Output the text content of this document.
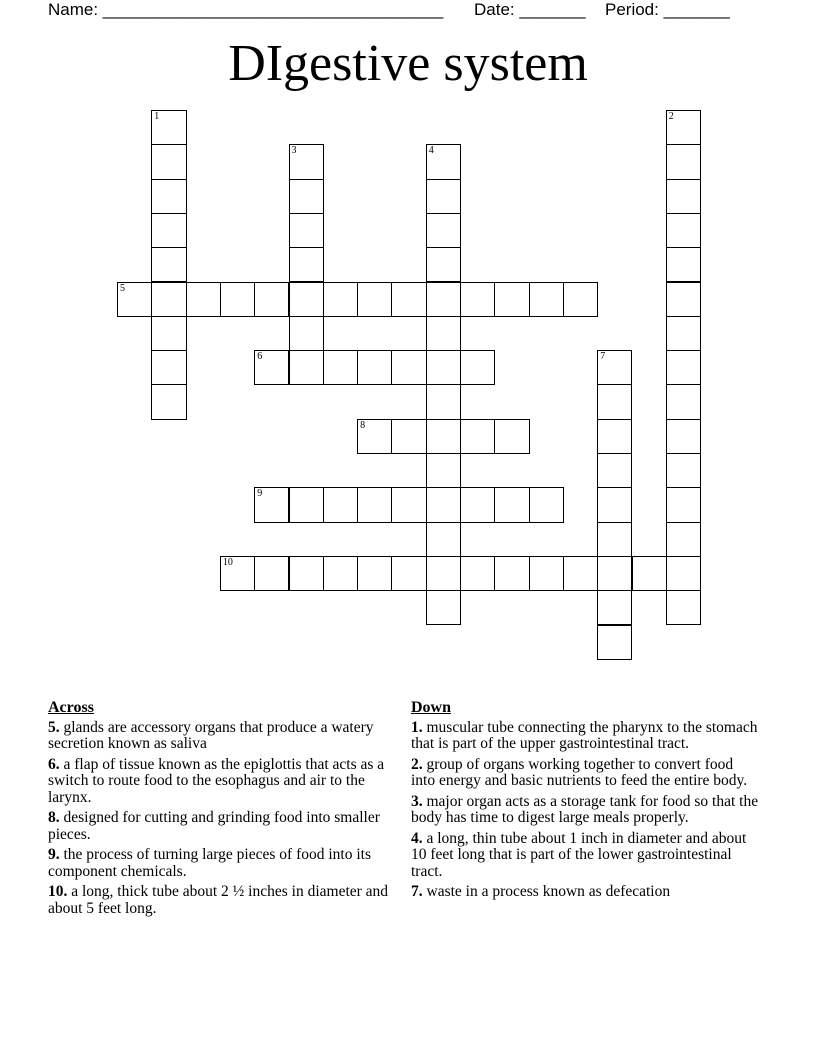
Name: ____________________________________ Date: _______ Period: _______
DIgestive system
1	2
3	4
5
6	7
8
9
10
Across
5. glands are accessory organs that produce a watery secretion known as saliva
6. a flap of tissue known as the epiglottis that acts as a switch to route food to the esophagus and air to the larynx.
8. designed for cutting and grinding food into smaller pieces.
9. the process of turning large pieces of food into its component chemicals.
10. a long, thick tube about 2 ½ inches in diameter and about 5 feet long.
Down
1. muscular tube connecting the pharynx to the stomach that is part of the upper gastrointestinal tract.
2. group of organs working together to convert food into energy and basic nutrients to feed the entire body.
3. major organ acts as a storage tank for food so that the body has time to digest large meals properly.
4. a long, thin tube about 1 inch in diameter and about 10 feet long that is part of the lower gastrointestinal tract.
7. waste in a process known as defecation
